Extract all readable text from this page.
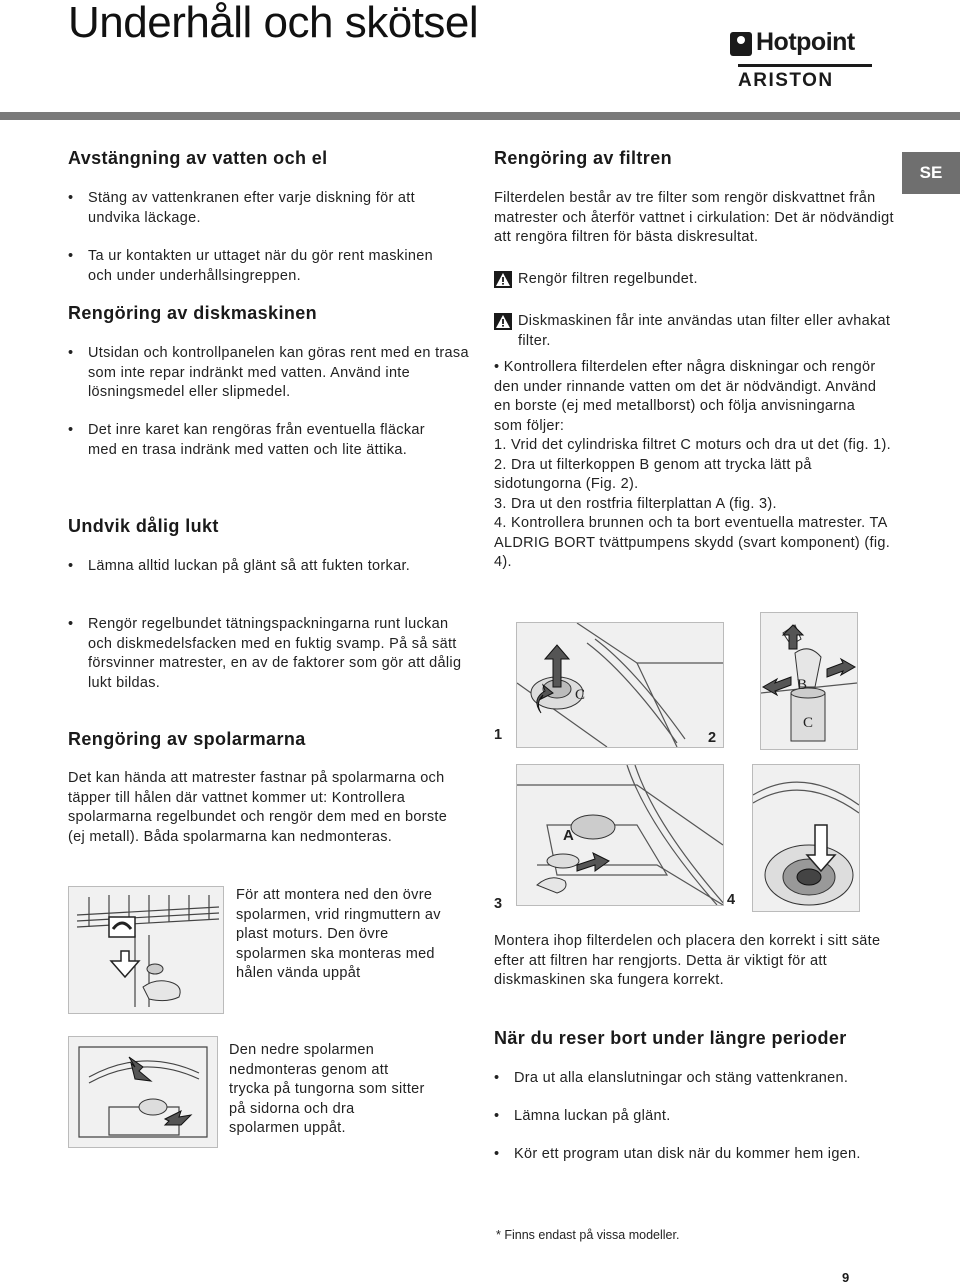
Underhåll och skötsel	Hotpoint
ARISTON
SE
Avstängning av vatten och el
• Stäng av vattenkranen efter varje diskning för att undvika läckage.
• Ta ur kontakten ur uttaget när du gör rent maskinen och under underhållsingreppen.
Rengöring av diskmaskinen
• Utsidan och kontrollpanelen kan göras rent med en trasa som inte repar indränkt med vatten. Använd inte lösningsmedel eller slipmedel.
• Det inre karet kan rengöras från eventuella fläckar med en trasa indränk med vatten och lite ättika.
Undvik dålig lukt
• Lämna alltid luckan på glänt så att fukten torkar.
• Rengör regelbundet tätningspackningarna runt luckan och diskmedelsfacken med en fuktig svamp. På så sätt försvinner matrester, en av de faktorer som gör att dålig lukt bildas.
Rengöring av spolarmarna

Det kan hända att matrester fastnar på spolarmarna och täpper till hålen där vattnet kommer ut: Kontrollera spolarmarna regelbundet och rengör dem med en borste (ej metall). Båda spolarmarna kan nedmonteras.

För att montera ned den övre spolarmen, vrid ringmuttern av plast moturs. Den övre spolarmen ska monteras med hålen vända uppåt

Den nedre spolarmen nedmonteras genom att trycka på tungorna som sitter på sidorna och dra spolarmen uppåt.

Rengöring av filtren

Filterdelen består av tre filter som rengör diskvattnet från matrester och återför vattnet i cirkulation: Det är nödvändigt att rengöra filtren för bästa diskresultat.

Rengör filtren regelbundet.
Diskmaskinen får inte användas utan filter eller avhakat filter.

• Kontrollera filterdelen efter några diskningar och rengör den under rinnande vatten om det är nödvändigt. Använd en borste (ej med metallborst) och följa anvisningarna som följer:

1. Vrid det cylindriska filtret C moturs och dra ut det (fig. 1).
2. Dra ut filterkoppen B genom att trycka lätt på sidotungorna (Fig. 2).
3. Dra ut den rostfria filterplattan A (fig. 3).
4. Kontrollera brunnen och ta bort eventuella matrester. TA ALDRIG BORT tvättpumpens skydd (svart komponent) (fig. 4).
C
1
B
C
2
A
3	4

Montera ihop filterdelen och placera den korrekt i sitt säte efter att filtren har rengjorts. Detta är viktigt för att diskmaskinen ska fungera korrekt.

När du reser bort under längre perioder
• Dra ut alla elanslutningar och stäng vattenkranen.
• Lämna luckan på glänt.
• Kör ett program utan disk när du kommer hem igen.
* Finns endast på vissa modeller.
9
